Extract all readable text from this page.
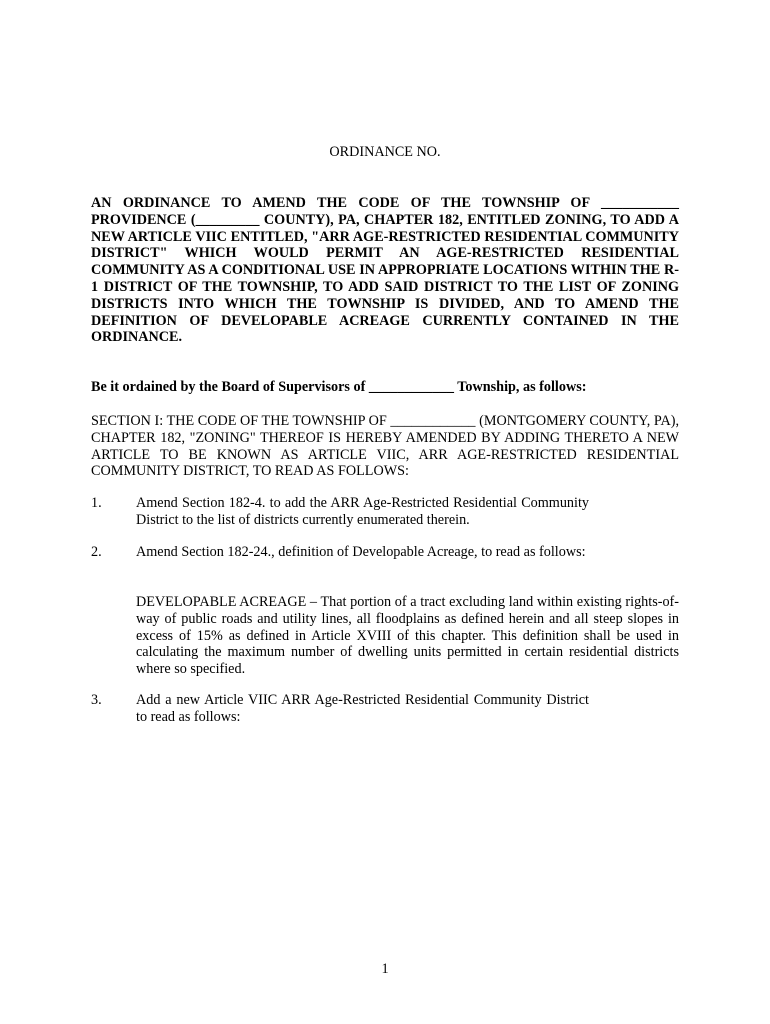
ORDINANCE NO.
AN ORDINANCE TO AMEND THE CODE OF THE TOWNSHIP OF ___________ PROVIDENCE (_________ COUNTY), PA, CHAPTER 182, ENTITLED ZONING, TO ADD A NEW ARTICLE VIIC ENTITLED, "ARR AGE-RESTRICTED RESIDENTIAL COMMUNITY DISTRICT" WHICH WOULD PERMIT AN AGE-RESTRICTED RESIDENTIAL COMMUNITY AS A CONDITIONAL USE IN APPROPRIATE LOCATIONS WITHIN THE R-1 DISTRICT OF THE TOWNSHIP, TO ADD SAID DISTRICT TO THE LIST OF ZONING DISTRICTS INTO WHICH THE TOWNSHIP IS DIVIDED, AND TO AMEND THE DEFINITION OF DEVELOPABLE ACREAGE CURRENTLY CONTAINED IN THE ORDINANCE.
Be it ordained by the Board of Supervisors of ____________ Township, as follows:
SECTION I: THE CODE OF THE TOWNSHIP OF ____________ (MONTGOMERY COUNTY, PA), CHAPTER 182, "ZONING" THEREOF IS HEREBY AMENDED BY ADDING THERETO A NEW ARTICLE TO BE KNOWN AS ARTICLE VIIC, ARR AGE-RESTRICTED RESIDENTIAL COMMUNITY DISTRICT, TO READ AS FOLLOWS:
1. Amend Section 182-4. to add the ARR Age-Restricted Residential Community District to the list of districts currently enumerated therein.
2. Amend Section 182-24., definition of Developable Acreage, to read as follows:
DEVELOPABLE ACREAGE – That portion of a tract excluding land within existing rights-of-way of public roads and utility lines, all floodplains as defined herein and all steep slopes in excess of 15% as defined in Article XVIII of this chapter. This definition shall be used in calculating the maximum number of dwelling units permitted in certain residential districts where so specified.
3. Add a new Article VIIC ARR Age-Restricted Residential Community District to read as follows:
1
